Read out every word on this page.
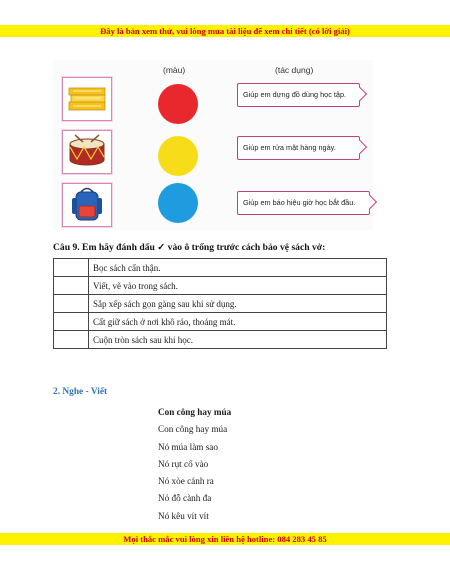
Đây là bản xem thử, vui lòng mua tài liệu để xem chi tiết (có lời giải)
(màu)	(tác dụng)
Giúp em dựng đồ dùng học tập.
Giúp em rửa mặt hàng ngày.
Giúp em báo hiệu giờ học bắt đầu.
Câu 9. Em hãy đánh dấu ✓ vào ô trống trước cách bảo vệ sách vở:
	Bọc sách cẩn thận.
	Viết, vẽ vào trong sách.
	Sắp xếp sách gọn gàng sau khi sử dụng.
	Cất giữ sách ở nơi khô ráo, thoáng mát.
	Cuộn tròn sách sau khi học.
2. Nghe - Viết
Con công hay múa
Con công hay múa
Nó múa làm sao
Nó rụt cổ vào
Nó xòe cánh ra
Nó đỗ cành đa
Nó kêu vít vít
Mọi thắc mắc vui lòng xin liên hệ hotline: 084 283 45 85
